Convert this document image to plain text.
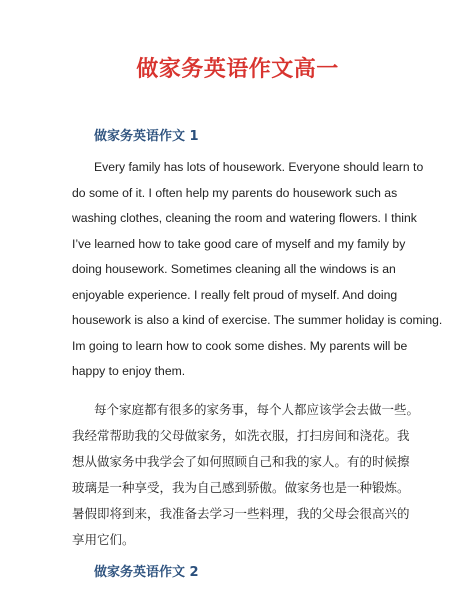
做家务英语作文高一
做家务英语作文 1
Every family has lots of housework. Everyone should learn to
do some of it. I often help my parents do housework such as
washing clothes, cleaning the room and watering flowers. I think
I’ve learned how to take good care of myself and my family by
doing housework. Sometimes cleaning all the windows is an
enjoyable experience. I really felt proud of myself. And doing
housework is also a kind of exercise. The summer holiday is coming.
Im going to learn how to cook some dishes. My parents will be
happy to enjoy them.
每个家庭都有很多的家务事，每个人都应该学会去做一些。
我经常帮助我的父母做家务，如洗衣服，打扫房间和浇花。我
想从做家务中我学会了如何照顾自己和我的家人。有的时候擦
玻璃是一种享受，我为自己感到骄傲。做家务也是一种锻炼。
暑假即将到来，我准备去学习一些料理，我的父母会很高兴的
享用它们。
做家务英语作文 2
